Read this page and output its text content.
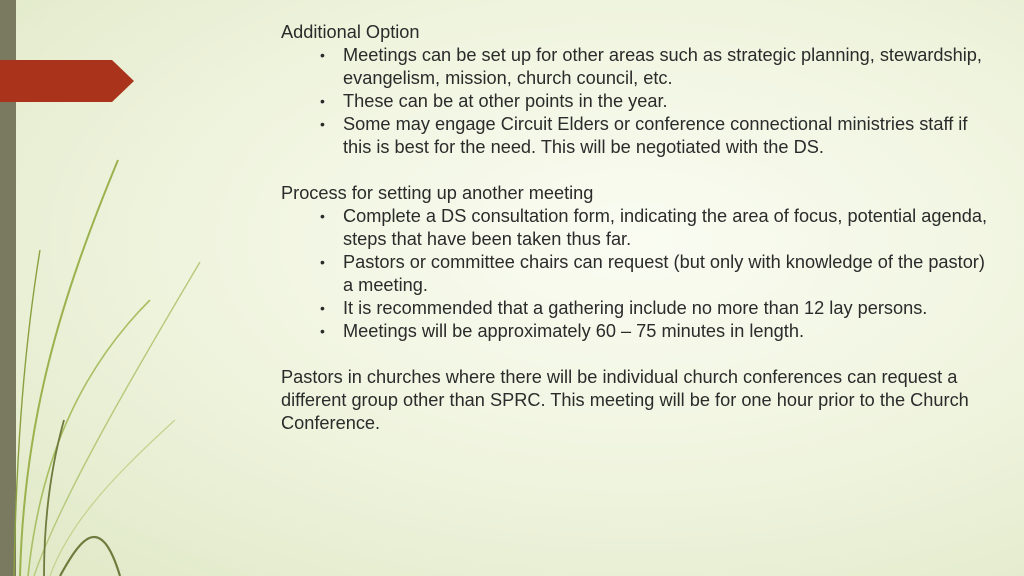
Additional Option

• Meetings can be set up for other areas such as strategic planning, stewardship, evangelism, mission, church council, etc.
• These can be at other points in the year.
• Some may engage Circuit Elders or conference connectional ministries staff if this is best for the need. This will be negotiated with the DS.

Process for setting up another meeting

• Complete a DS consultation form, indicating the area of focus, potential agenda, steps that have been taken thus far.
• Pastors or committee chairs can request (but only with knowledge of the pastor) a meeting.
• It is recommended that a gathering include no more than 12 lay persons.
• Meetings will be approximately 60 – 75 minutes in length.

Pastors in churches where there will be individual church conferences can request a different group other than SPRC. This meeting will be for one hour prior to the Church Conference.
